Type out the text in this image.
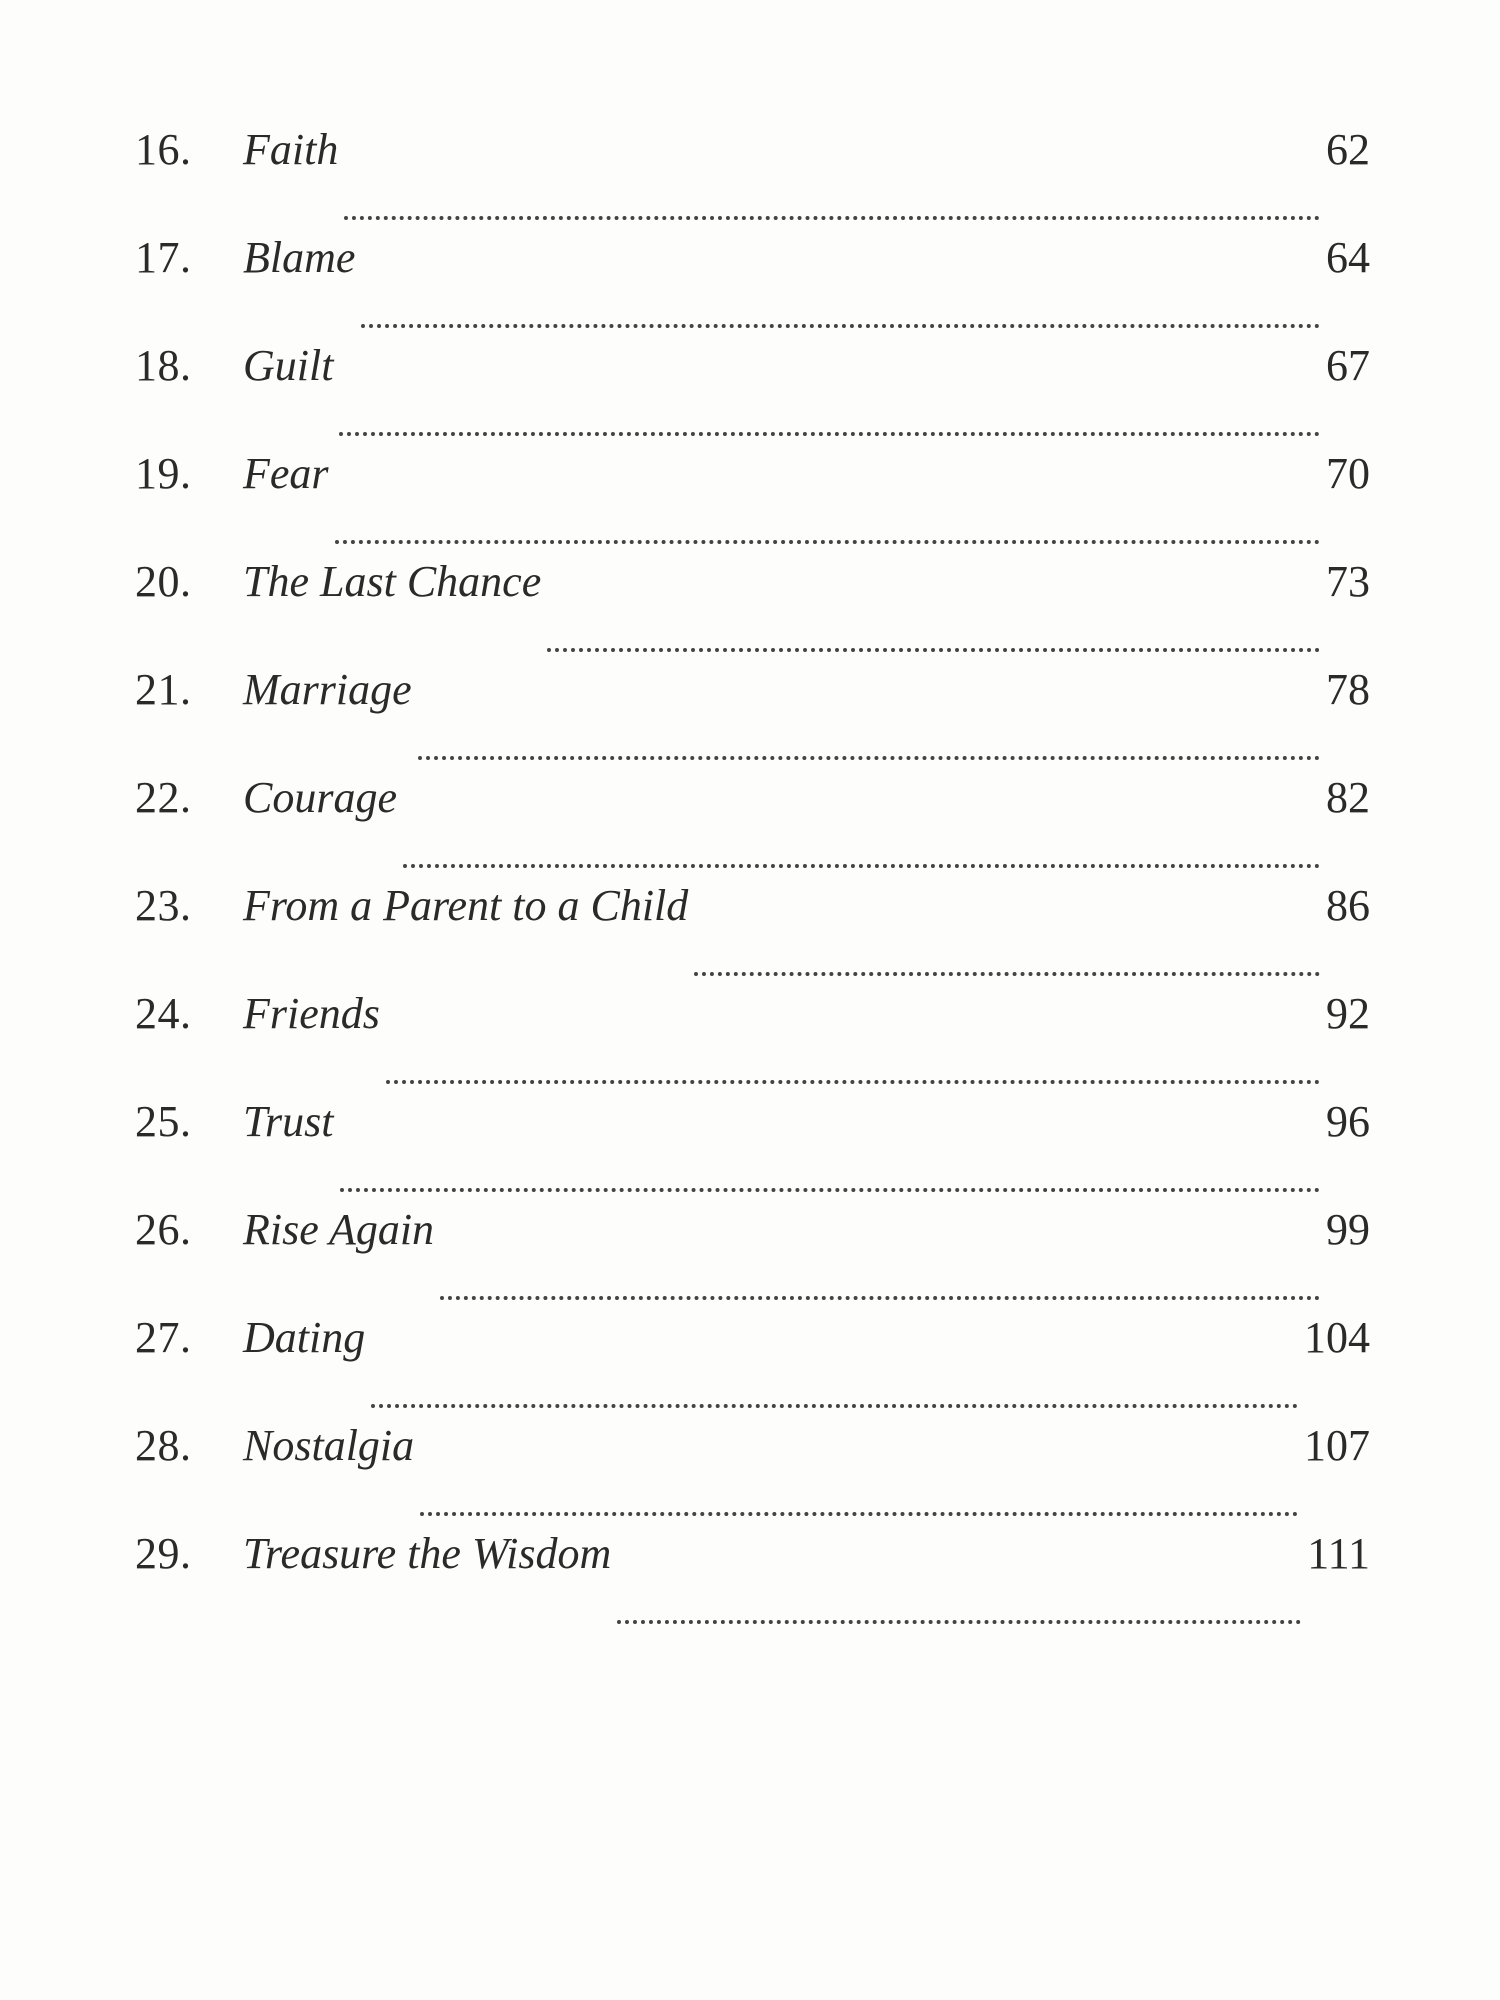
16.	Faith	62
17.	Blame	64
18.	Guilt	67
19.	Fear	70
20.	The Last Chance	73
21.	Marriage	78
22.	Courage	82
23.	From a Parent to a Child	86
24.	Friends	92
25.	Trust	96
26.	Rise Again	99
27.	Dating	104
28.	Nostalgia	107
29.	Treasure the Wisdom	111
